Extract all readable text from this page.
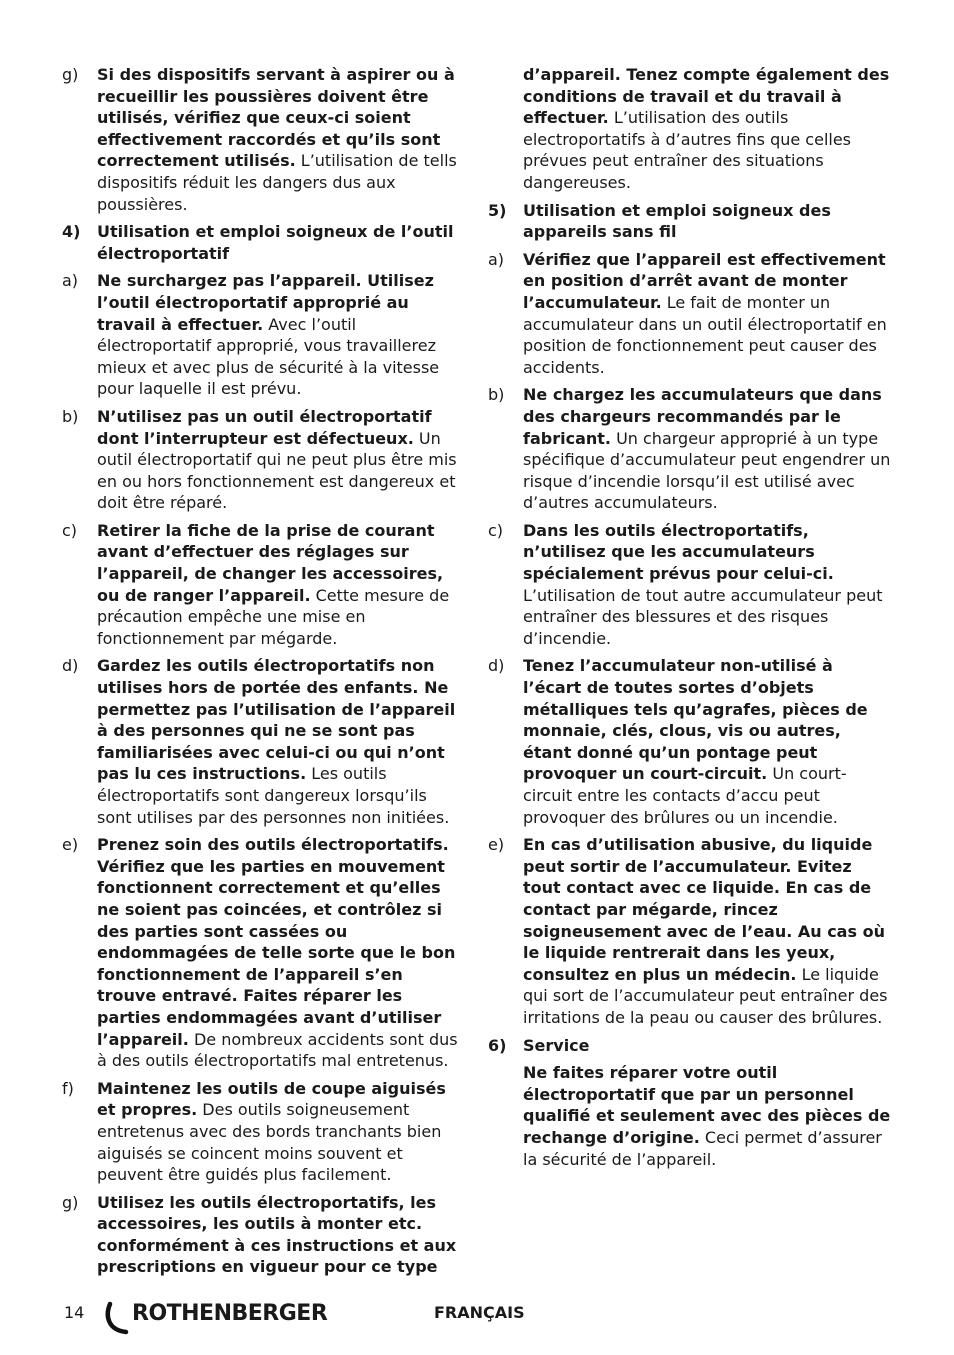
g)	Si des dispositifs servant à aspirer ou à recueillir les poussières doivent être utilisés, vérifiez que ceux-ci soient effectivement raccordés et qu’ils sont correctement utilisés. L’utilisation de tells dispositifs réduit les dangers dus aux poussières.
4)	Utilisation et emploi soigneux de l’outil électroportatif
a)	Ne surchargez pas l’appareil. Utilisez l’outil électroportatif approprié au travail à effectuer. Avec l’outil électroportatif approprié, vous travaillerez mieux et avec plus de sécurité à la vitesse pour laquelle il est prévu.
b)	N’utilisez pas un outil électroportatif dont l’interrupteur est défectueux. Un outil électroportatif qui ne peut plus être mis en ou hors fonctionnement est dangereux et doit être réparé.
c)	Retirer la fiche de la prise de courant avant d’effectuer des réglages sur l’appareil, de changer les accessoires, ou de ranger l’appareil. Cette mesure de précaution empêche une mise en fonctionnement par mégarde.
d)	Gardez les outils électroportatifs non utilises hors de portée des enfants. Ne permettez pas l’utilisation de l’appareil à des personnes qui ne se sont pas familiarisées avec celui-ci ou qui n’ont pas lu ces instructions. Les outils électroportatifs sont dangereux lorsqu’ils sont utilises par des personnes non initiées.
e)	Prenez soin des outils électroportatifs. Vérifiez que les parties en mouvement fonctionnent correctement et qu’elles ne soient pas coincées, et contrôlez si des parties sont cassées ou endommagées de telle sorte que le bon fonctionnement de l’appareil s’en trouve entravé. Faites réparer les parties endommagées avant d’utiliser l’appareil. De nombreux accidents sont dus à des outils électroportatifs mal entretenus.
f)	Maintenez les outils de coupe aiguisés et propres. Des outils soigneusement entretenus avec des bords tranchants bien aiguisés se coincent moins souvent et peuvent être guidés plus facilement.
g)	Utilisez les outils électroportatifs, les accessoires, les outils à monter etc. conformément à ces instructions et aux prescriptions en vigueur pour ce type
d’appareil. Tenez compte également des conditions de travail et du travail à effectuer. L’utilisation des outils electroportatifs à d’autres fins que celles prévues peut entraîner des situations dangereuses.
5)	Utilisation et emploi soigneux des appareils sans fil
a)	Vérifiez que l’appareil est effectivement en position d’arrêt avant de monter l’accumulateur. Le fait de monter un accumulateur dans un outil électroportatif en position de fonctionnement peut causer des accidents.
b)	Ne chargez les accumulateurs que dans des chargeurs recommandés par le fabricant. Un chargeur approprié à un type spécifique d’accumulateur peut engendrer un risque d’incendie lorsqu’il est utilisé avec d’autres accumulateurs.
c)	Dans les outils électroportatifs, n’utilisez que les accumulateurs spécialement prévus pour celui-ci. L’utilisation de tout autre accumulateur peut entraîner des blessures et des risques d’incendie.
d)	Tenez l’accumulateur non-utilisé à l’écart de toutes sortes d’objets métalliques tels qu’agrafes, pièces de monnaie, clés, clous, vis ou autres, étant donné qu’un pontage peut provoquer un court-circuit. Un court-circuit entre les contacts d’accu peut provoquer des brûlures ou un incendie.
e)	En cas d’utilisation abusive, du liquide peut sortir de l’accumulateur. Evitez tout contact avec ce liquide. En cas de contact par mégarde, rincez soigneusement avec de l’eau. Au cas où le liquide rentrerait dans les yeux, consultez en plus un médecin. Le liquide qui sort de l’accumulateur peut entraîner des irritations de la peau ou causer des brûlures.
6)	Service
Ne faites réparer votre outil électroportatif que par un personnel qualifié et seulement avec des pièces de rechange d’origine. Ceci permet d’assurer la sécurité de l’appareil.
14 ROTHENBERGER	FRANÇAIS
